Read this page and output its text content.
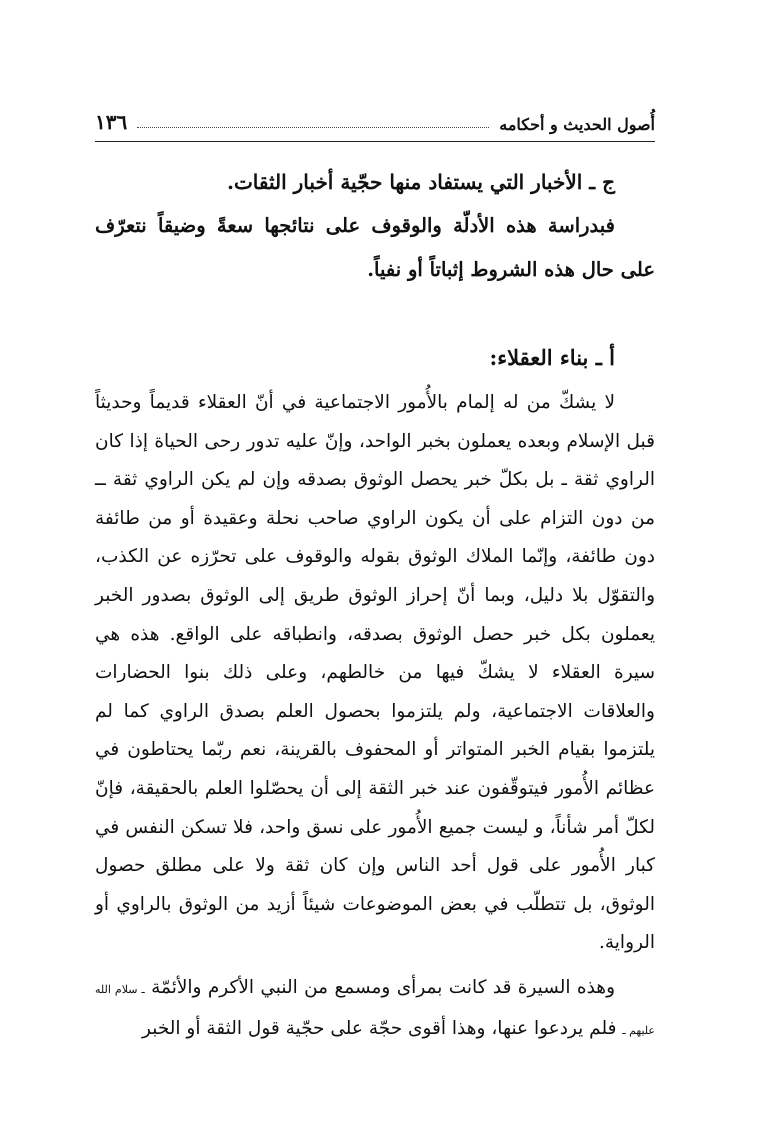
أُصول الحديث و أحكامه
١٣٦

ج ـ الأخبار التي يستفاد منها حجّية أخبار الثقات.

فبدراسة هذه الأدلّة والوقوف على نتائجها سعةً وضيقاً نتعرّف على حال هذه الشروط إثباتاً أو نفياً.

أ ـ بناء العقلاء:

لا يشكّ من له إلمام بالأُمور الاجتماعية في أنّ العقلاء قديماً وحديثاً قبل الإسلام وبعده يعملون بخبر الواحد، وإنّ عليه تدور رحى الحياة إذا كان الراوي ثقة ـ بل بكلّ خبر يحصل الوثوق بصدقه وإن لم يكن الراوي ثقة ــ من دون التزام على أن يكون الراوي صاحب نحلة وعقيدة أو من طائفة دون طائفة، وإنّما الملاك الوثوق بقوله والوقوف على تحرّزه عن الكذب، والتقوّل بلا دليل، وبما أنّ إحراز الوثوق طريق إلى الوثوق بصدور الخبر يعملون بكل خبر حصل الوثوق بصدقه، وانطباقه على الواقع. هذه هي سيرة العقلاء لا يشكّ فيها من خالطهم، وعلى ذلك بنوا الحضارات والعلاقات الاجتماعية، ولم يلتزموا بحصول العلم بصدق الراوي كما لم يلتزموا بقيام الخبر المتواتر أو المحفوف بالقرينة، نعم ربّما يحتاطون في عظائم الأُمور فيتوقّفون عند خبر الثقة إلى أن يحصّلوا العلم بالحقيقة، فإنّ لكلّ أمر شأناً، و ليست جميع الأُمور على نسق واحد، فلا تسكن النفس في كبار الأُمور على قول أحد الناس وإن كان ثقة ولا على مطلق حصول الوثوق، بل تتطلّب في بعض الموضوعات شيئاً أزيد من الوثوق بالراوي أو الرواية.

وهذه السيرة قد كانت بمرأى ومسمع من النبي الأكرم والأئمّة ـ سلام الله عليهم ـ فلم يردعوا عنها، وهذا أقوى حجّة على حجّية قول الثقة أو الخبر
